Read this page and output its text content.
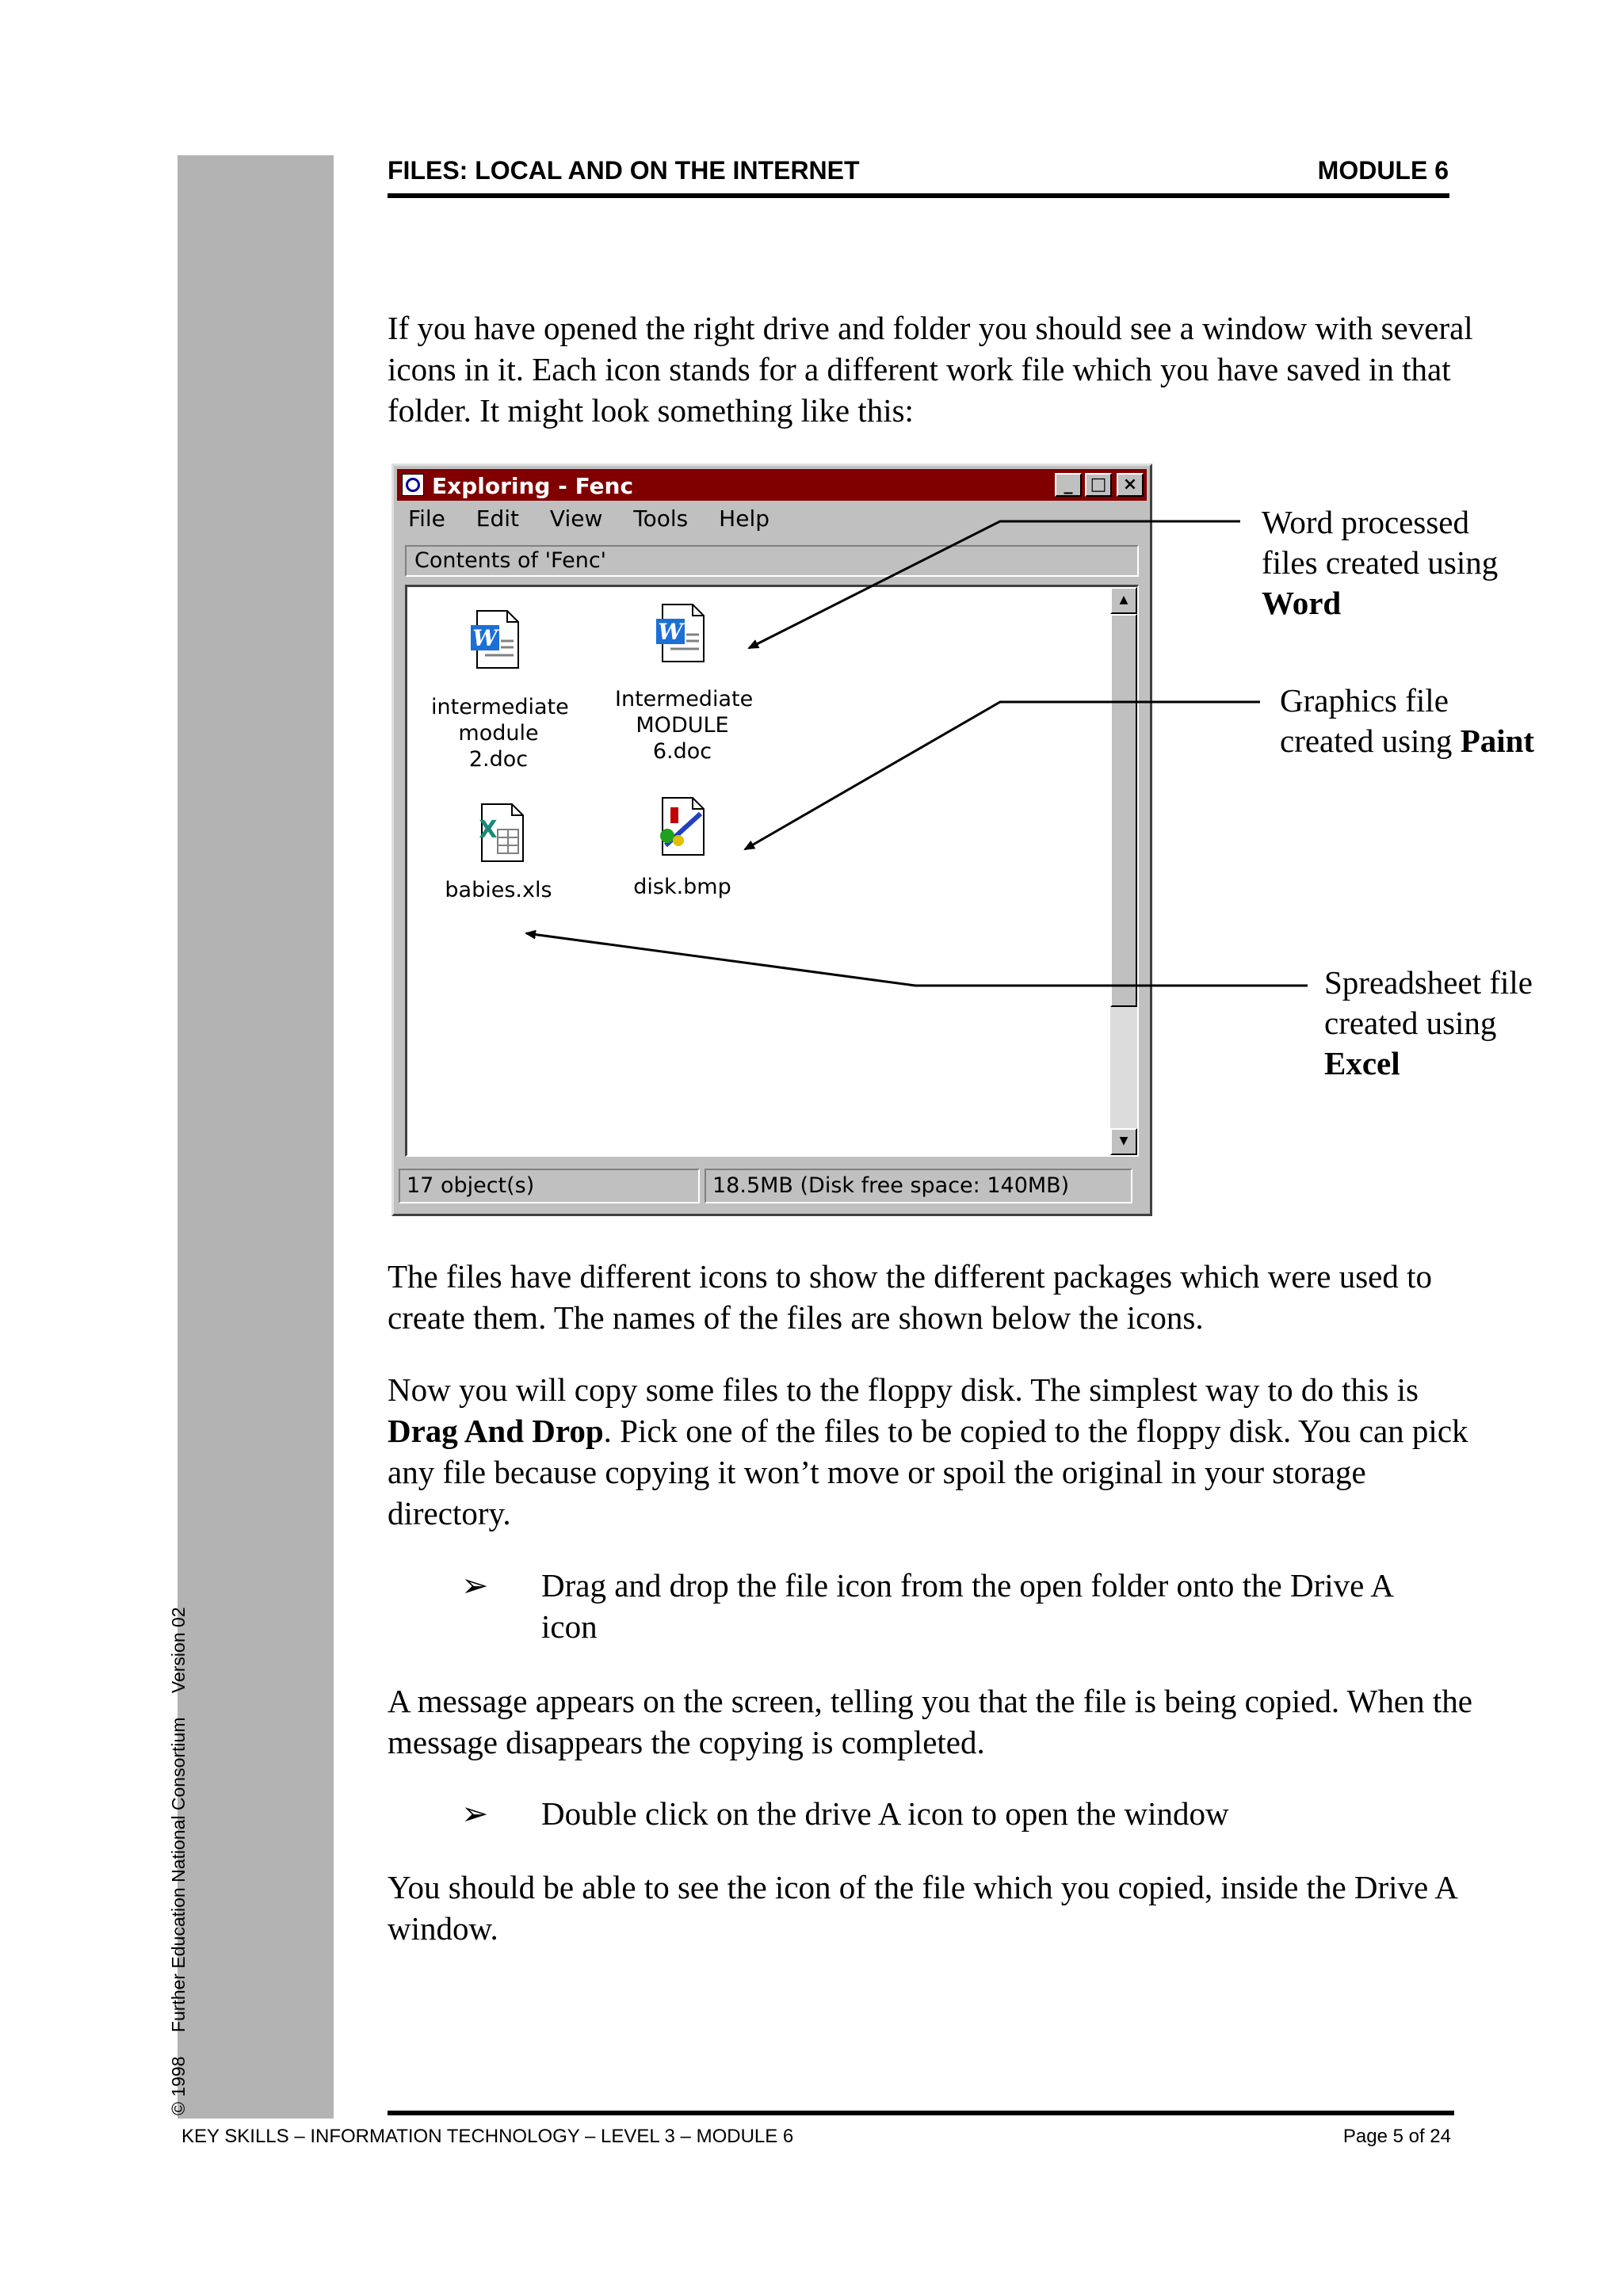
© 1998 Further Education National Consortium Version 02
FILES: LOCAL AND ON THE INTERNET	MODULE 6

If you have opened the right drive and folder you should see a window with several icons in it. Each icon stands for a different work file which you have saved in that folder. It might look something like this:

Exploring - Fenc	_	□ ×
File Edit View Tools Help
Contents of 'Fenc'
W
intermediate module 2.doc
W
Intermediate MODULE 6.doc
X
babies.xls	disk.bmp
▲
▼
17 object(s)	18.5MB (Disk free space: 140MB)

Word processed files created using Word

Graphics file created using Paint

Spreadsheet file created using Excel

The files have different icons to show the different packages which were used to create them. The names of the files are shown below the icons.

Now you will copy some files to the floppy disk. The simplest way to do this is Drag And Drop. Pick one of the files to be copied to the floppy disk. You can pick any file because copying it won’t move or spoil the original in your storage directory.

➢ Drag and drop the file icon from the open folder onto the Drive A icon

A message appears on the screen, telling you that the file is being copied. When the message disappears the copying is completed.

➢ Double click on the drive A icon to open the window

You should be able to see the icon of the file which you copied, inside the Drive A window.

KEY SKILLS – INFORMATION TECHNOLOGY – LEVEL 3 – MODULE 6	Page 5 of 24
